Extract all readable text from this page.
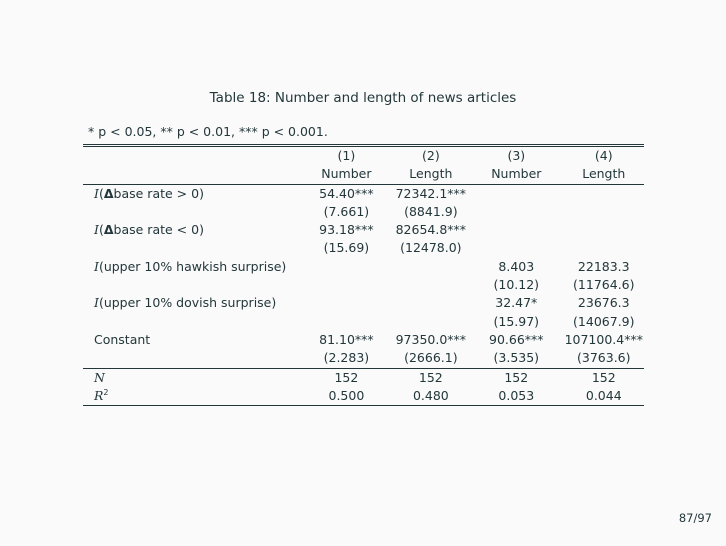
Table 18: Number and length of news articles
* p < 0.05, ** p < 0.01, *** p < 0.001.
	(1)	(2)	(3)	(4)
	Number	Length	Number	Length
I(Δbase rate > 0)	54.40***	72342.1***		
	(7.661)	(8841.9)		
I(Δbase rate < 0)	93.18***	82654.8***		
	(15.69)	(12478.0)		
I(upper 10% hawkish surprise)			8.403	22183.3
			(10.12)	(11764.6)
I(upper 10% dovish surprise)			32.47*	23676.3
			(15.97)	(14067.9)
Constant	81.10***	97350.0***	90.66***	107100.4***
	(2.283)	(2666.1)	(3.535)	(3763.6)
N	152	152	152	152
$R^2$	0.500	0.480	0.053	0.044
87/97
